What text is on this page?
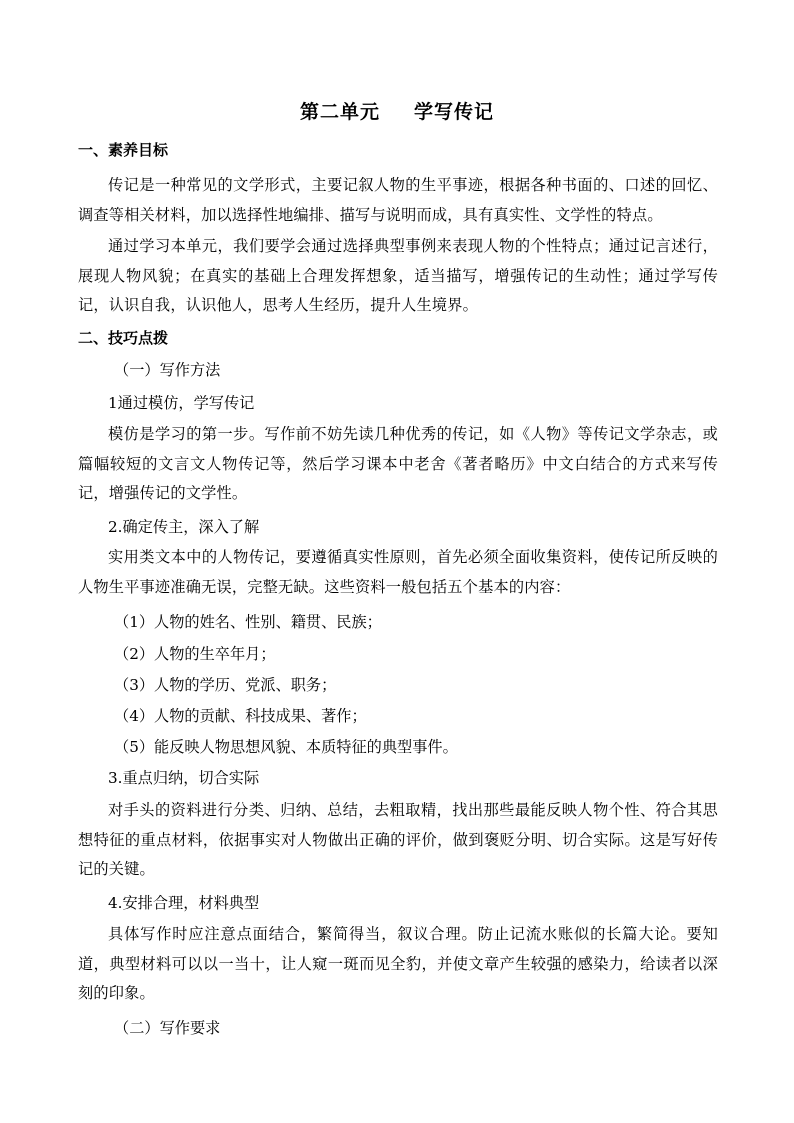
第二单元 学写传记
一、素养目标
传记是一种常见的文学形式，主要记叙人物的生平事迹，根据各种书面的、口述的回忆、调查等相关材料，加以选择性地编排、描写与说明而成，具有真实性、文学性的特点。
通过学习本单元，我们要学会通过选择典型事例来表现人物的个性特点；通过记言述行，展现人物风貌；在真实的基础上合理发挥想象，适当描写，增强传记的生动性；通过学写传记，认识自我，认识他人，思考人生经历，提升人生境界。
二、技巧点拨
（一）写作方法
1通过模仿，学写传记
模仿是学习的第一步。写作前不妨先读几种优秀的传记，如《人物》等传记文学杂志，或篇幅较短的文言文人物传记等，然后学习课本中老舍《著者略历》中文白结合的方式来写传记，增强传记的文学性。
2.确定传主，深入了解
实用类文本中的人物传记，要遵循真实性原则，首先必须全面收集资料，使传记所反映的人物生平事迹准确无误，完整无缺。这些资料一般包括五个基本的内容：
（1）人物的姓名、性别、籍贯、民族；
（2）人物的生卒年月；
（3）人物的学历、党派、职务；
（4）人物的贡献、科技成果、著作；
（5）能反映人物思想风貌、本质特征的典型事件。
3.重点归纳，切合实际
对手头的资料进行分类、归纳、总结，去粗取精，找出那些最能反映人物个性、符合其思想特征的重点材料，依据事实对人物做出正确的评价，做到褒贬分明、切合实际。这是写好传记的关键。
4.安排合理，材料典型
具体写作时应注意点面结合，繁简得当，叙议合理。防止记流水账似的长篇大论。要知道，典型材料可以以一当十，让人窥一斑而见全豹，并使文章产生较强的感染力，给读者以深刻的印象。
（二）写作要求
